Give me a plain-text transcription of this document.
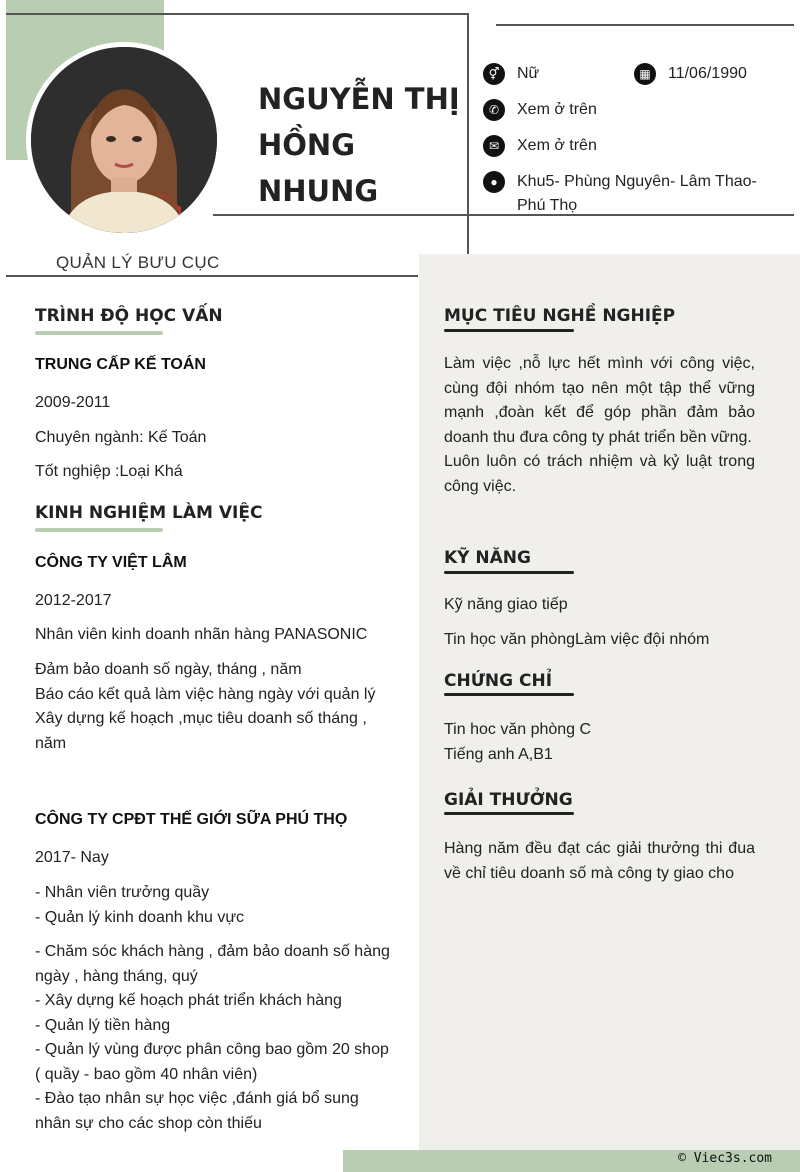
NGUYỄN THỊ HỒNG NHUNG
QUẢN LÝ BƯU CỤC
⚥	Nữ	▦	11/06/1990
✆	Xem ở trên
✉	Xem ở trên
●	Khu5- Phùng Nguyên- Lâm Thao- Phú Thọ
TRÌNH ĐỘ HỌC VẤN
TRUNG CẤP KẾ TOÁN
2009-2011
Chuyên ngành: Kế Toán
Tốt nghiệp :Loại Khá
KINH NGHIỆM LÀM VIỆC
CÔNG TY VIỆT LÂM
2012-2017
Nhân viên kinh doanh nhãn hàng PANASONIC
Đảm bảo doanh số ngày, tháng , năm
Báo cáo kết quả làm việc hàng ngày với quản lý
Xây dựng kế hoạch ,mục tiêu doanh số tháng , năm
CÔNG TY CPĐT THẾ GIỚI SỮA PHÚ THỌ
2017- Nay
- Nhân viên trưởng quầy
- Quản lý kinh doanh khu vực
- Chăm sóc khách hàng , đảm bảo doanh số hàng ngày , hàng tháng, quý
- Xây dựng kế hoạch phát triển khách hàng
- Quản lý tiền hàng
- Quản lý vùng được phân công bao gồm 20 shop ( quầy - bao gồm 40 nhân viên)
- Đào tạo nhân sự học việc ,đánh giá bổ sung nhân sự cho các shop còn thiếu
MỤC TIÊU NGHỀ NGHIỆP
Làm việc ,nỗ lực hết mình với công việc, cùng đội nhóm tạo nên một tập thể vững mạnh ,đoàn kết để góp phần đảm bảo doanh thu đưa công ty phát triển bền vững.
Luôn luôn có trách nhiệm và kỷ luật trong công việc.
KỸ NĂNG
Kỹ năng giao tiếp
Tin học văn phòngLàm việc đội nhóm
CHỨNG CHỈ
Tin hoc văn phòng C
Tiếng anh A,B1
GIẢI THƯỞNG
Hàng năm đều đạt các giải thưởng thi đua về chỉ tiêu doanh số mà công ty giao cho
© Viec3s.com
